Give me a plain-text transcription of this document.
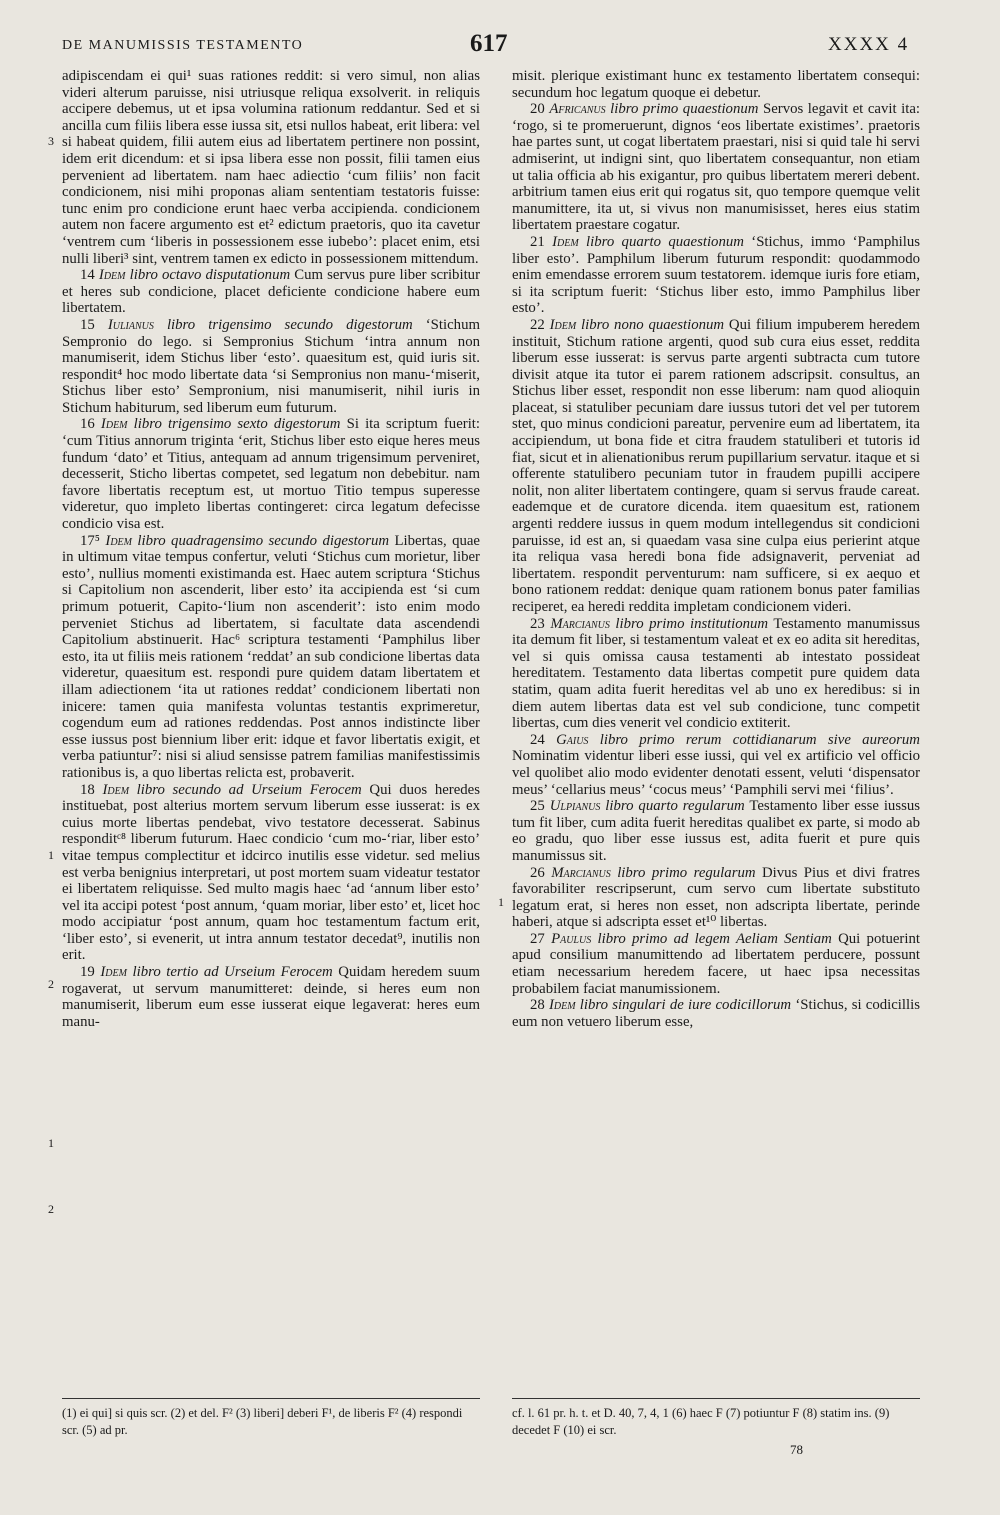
DE MANUMISSIS TESTAMENTO	617	XXXX 4

adipiscendam ei qui¹ suas rationes reddit: si vero simul, non alias videri alterum paruisse, nisi utriusque reliqua exsolverit. in reliquis accipere debemus, ut et ipsa volumina rationum reddantur. Sed et si ancilla cum filiis libera esse iussa sit, etsi nullos habeat, erit libera: vel si habeat quidem, filii autem eius ad libertatem pertinere non possint, idem erit dicendum: et si ipsa libera esse non possit, filii tamen eius pervenient ad libertatem. nam haec adiectio ‘cum filiis’ non facit condicionem, nisi mihi proponas aliam sententiam testatoris fuisse: tunc enim pro condicione erunt haec verba accipienda. condicionem autem non facere argumento est et² edictum praetoris, quo ita cavetur ‘ventrem cum ‘liberis in possessionem esse iubebo’: placet enim, etsi nulli liberi³ sint, ventrem tamen ex edicto in possessionem mittendum.

14 Idem libro octavo disputationum Cum servus pure liber scribitur et heres sub condicione, placet deficiente condicione habere eum libertatem.

15 Iulianus libro trigensimo secundo digestorum ‘Stichum Sempronio do lego. si Sempronius Stichum ‘intra annum non manumiserit, idem Stichus liber ‘esto’. quaesitum est, quid iuris sit. respondit⁴ hoc modo libertate data ‘si Sempronius non manu-‘miserit, Stichus liber esto’ Sempronium, nisi manumiserit, nihil iuris in Stichum habiturum, sed liberum eum futurum.

16 Idem libro trigensimo sexto digestorum Si ita scriptum fuerit: ‘cum Titius annorum triginta ‘erit, Stichus liber esto eique heres meus fundum ‘dato’ et Titius, antequam ad annum trigensimum perveniret, decesserit, Sticho libertas competet, sed legatum non debebitur. nam favore libertatis receptum est, ut mortuo Titio tempus superesse videretur, quo impleto libertas contingeret: circa legatum defecisse condicio visa est.

17⁵ Idem libro quadragensimo secundo digestorum Libertas, quae in ultimum vitae tempus confertur, veluti ‘Stichus cum morietur, liber esto’, nullius momenti existimanda est. Haec autem scriptura ‘Stichus si Capitolium non ascenderit, liber esto’ ita accipienda est ‘si cum primum potuerit, Capito-‘lium non ascenderit’: isto enim modo perveniet Stichus ad libertatem, si facultate data ascendendi Capitolium abstinuerit. Hac⁶ scriptura testamenti ‘Pamphilus liber esto, ita ut filiis meis rationem ‘reddat’ an sub condicione libertas data videretur, quaesitum est. respondi pure quidem datam libertatem et illam adiectionem ‘ita ut rationes reddat’ condicionem libertati non inicere: tamen quia manifesta voluntas testantis exprimeretur, cogendum eum ad rationes reddendas. Post annos indistincte liber esse iussus post biennium liber erit: idque et favor libertatis exigit, et verba patiuntur⁷: nisi si aliud sensisse patrem familias manifestissimis rationibus is, a quo libertas relicta est, probaverit.

18 Idem libro secundo ad Urseium Ferocem Qui duos heredes instituebat, post alterius mortem servum liberum esse iusserat: is ex cuius morte libertas pendebat, vivo testatore decesserat. Sabinus responditᶜ⁸ liberum futurum. Haec condicio ‘cum mo-‘riar, liber esto’ vitae tempus complectitur et idcirco inutilis esse videtur. sed melius est verba benignius interpretari, ut post mortem suam videatur testator ei libertatem reliquisse. Sed multo magis haec ‘ad ‘annum liber esto’ vel ita accipi potest ‘post annum, ‘quam moriar, liber esto’ et, licet hoc modo accipiatur ‘post annum, quam hoc testamentum factum erit, ‘liber esto’, si evenerit, ut intra annum testator decedat⁹, inutilis non erit.

19 Idem libro tertio ad Urseium Ferocem Quidam heredem suum rogaverat, ut servum manumitteret: deinde, si heres eum non manumiserit, liberum eum esse iusserat eique legaverat: heres eum manu-

misit. plerique existimant hunc ex testamento libertatem consequi: secundum hoc legatum quoque ei debetur.

20 Africanus libro primo quaestionum Servos legavit et cavit ita: ‘rogo, si te promeruerunt, dignos ‘eos libertate existimes’. praetoris hae partes sunt, ut cogat libertatem praestari, nisi si quid tale hi servi admiserint, ut indigni sint, quo libertatem consequantur, non etiam ut talia officia ab his exigantur, pro quibus libertatem mereri debent. arbitrium tamen eius erit qui rogatus sit, quo tempore quemque velit manumittere, ita ut, si vivus non manumisisset, heres eius statim libertatem praestare cogatur.

21 Idem libro quarto quaestionum ‘Stichus, immo ‘Pamphilus liber esto’. Pamphilum liberum futurum respondit: quodammodo enim emendasse errorem suum testatorem. idemque iuris fore etiam, si ita scriptum fuerit: ‘Stichus liber esto, immo Pamphilus liber esto’.

22 Idem libro nono quaestionum Qui filium impuberem heredem instituit, Stichum ratione argenti, quod sub cura eius esset, reddita liberum esse iusserat: is servus parte argenti subtracta cum tutore divisit atque ita tutor ei parem rationem adscripsit. consultus, an Stichus liber esset, respondit non esse liberum: nam quod alioquin placeat, si statuliber pecuniam dare iussus tutori det vel per tutorem stet, quo minus condicioni pareatur, pervenire eum ad libertatem, ita accipiendum, ut bona fide et citra fraudem statuliberi et tutoris id fiat, sicut et in alienationibus rerum pupillarium servatur. itaque et si offerente statulibero pecuniam tutor in fraudem pupilli accipere nolit, non aliter libertatem contingere, quam si servus fraude careat. eademque et de curatore dicenda. item quaesitum est, rationem argenti reddere iussus in quem modum intellegendus sit condicioni paruisse, id est an, si quaedam vasa sine culpa eius perierint atque ita reliqua vasa heredi bona fide adsignaverit, perveniat ad libertatem. respondit perventurum: nam sufficere, si ex aequo et bono rationem reddat: denique quam rationem bonus pater familias reciperet, ea heredi reddita impletam condicionem videri.

23 Marcianus libro primo institutionum Testamento manumissus ita demum fit liber, si testamentum valeat et ex eo adita sit hereditas, vel si quis omissa causa testamenti ab intestato possideat hereditatem. Testamento data libertas competit pure quidem data statim, quam adita fuerit hereditas vel ab uno ex heredibus: si in diem autem libertas data est vel sub condicione, tunc competit libertas, cum dies venerit vel condicio extiterit.

24 Gaius libro primo rerum cottidianarum sive aureorum Nominatim videntur liberi esse iussi, qui vel ex artificio vel officio vel quolibet alio modo evidenter denotati essent, veluti ‘dispensator meus’ ‘cellarius meus’ ‘cocus meus’ ‘Pamphili servi mei ‘filius’.

25 Ulpianus libro quarto regularum Testamento liber esse iussus tum fit liber, cum adita fuerit hereditas qualibet ex parte, si modo ab eo gradu, quo liber esse iussus est, adita fuerit et pure quis manumissus sit.

26 Marcianus libro primo regularum Divus Pius et divi fratres favorabiliter rescripserunt, cum servo cum libertate substituto legatum erat, si heres non esset, non adscripta libertate, perinde haberi, atque si adscripta esset et¹⁰ libertas.

27 Paulus libro primo ad legem Aeliam Sentiam Qui potuerint apud consilium manumittendo ad libertatem perducere, possunt etiam necessarium heredem facere, ut haec ipsa necessitas probabilem faciat manumissionem.

28 Idem libro singulari de iure codicillorum ‘Stichus, si codicillis eum non vetuero liberum esse,

3
1
2
1
2
1
(1) ei qui] si quis scr. (2) et del. F² (3) liberi] deberi F¹, de liberis F² (4) respondi scr. (5) ad pr.
cf. l. 61 pr. h. t. et D. 40, 7, 4, 1 (6) haec F (7) potiuntur F (8) statim ins. (9) decedet F (10) ei scr.
78
